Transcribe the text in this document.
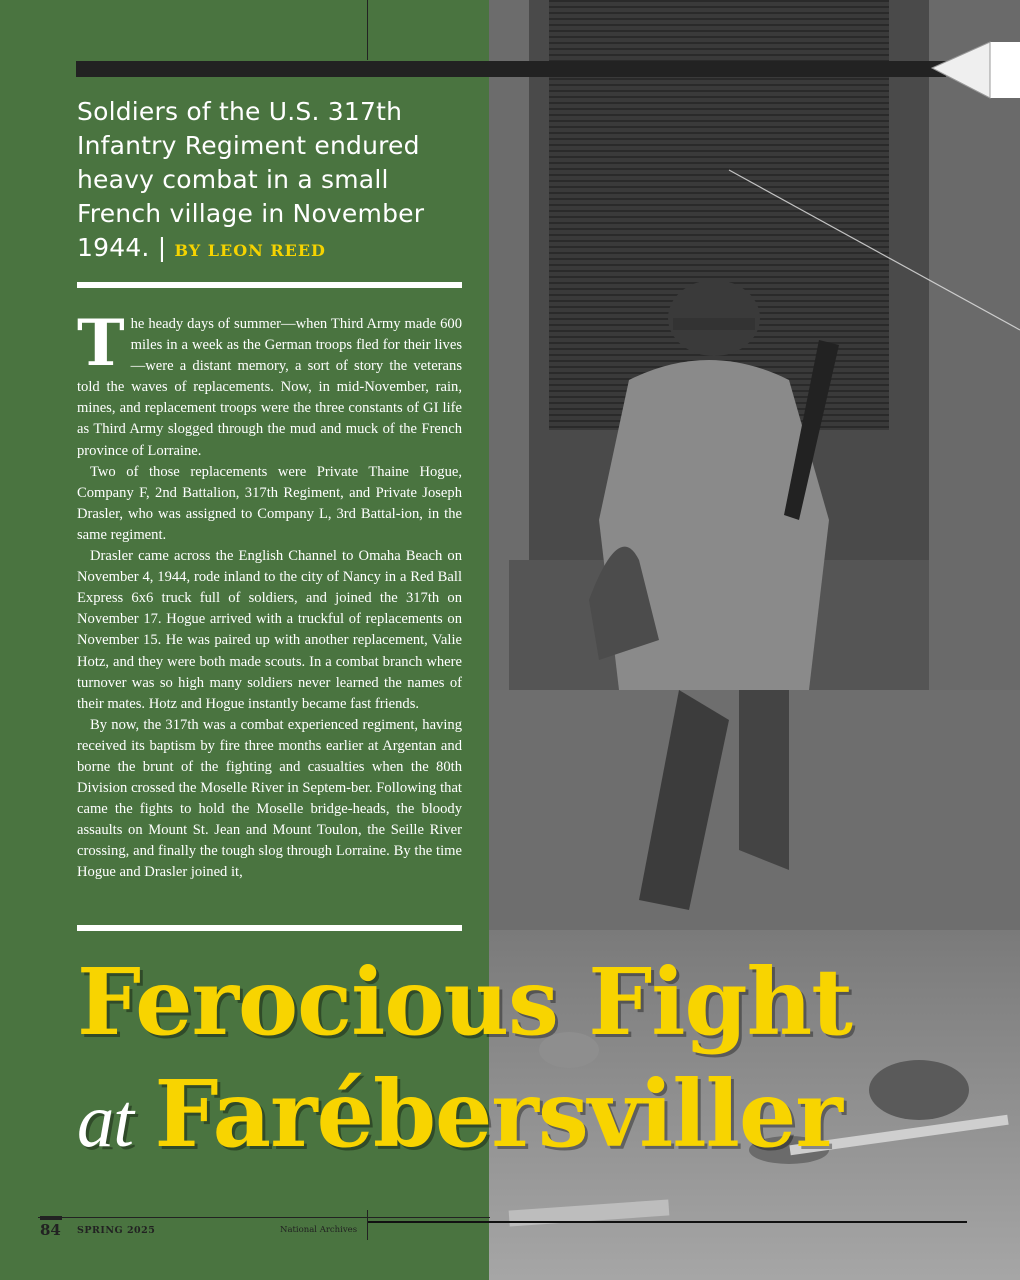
Soldiers of the U.S. 317th Infantry Regiment endured heavy combat in a small French village in November 1944. | BY LEON REED

The heady days of summer—when Third Army made 600 miles in a week as the German troops fled for their lives—were a distant memory, a sort of story the veterans told the waves of replacements. Now, in mid-November, rain, mines, and replacement troops were the three constants of GI life as Third Army slogged through the mud and muck of the French province of Lorraine.

Two of those replacements were Private Thaine Hogue, Company F, 2nd Battalion, 317th Regiment, and Private Joseph Drasler, who was assigned to Company L, 3rd Battal-ion, in the same regiment.

Drasler came across the English Channel to Omaha Beach on November 4, 1944, rode inland to the city of Nancy in a Red Ball Express 6x6 truck full of soldiers, and joined the 317th on November 17. Hogue arrived with a truckful of replacements on November 15. He was paired up with another replacement, Valie Hotz, and they were both made scouts. In a combat branch where turnover was so high many soldiers never learned the names of their mates. Hotz and Hogue instantly became fast friends.

By now, the 317th was a combat experienced regiment, having received its baptism by fire three months earlier at Argentan and borne the brunt of the fighting and casualties when the 80th Division crossed the Moselle River in Septem-ber. Following that came the fights to hold the Moselle bridge-heads, the bloody assaults on Mount St. Jean and Mount Toulon, the Seille River crossing, and finally the tough slog through Lorraine. By the time Hogue and Drasler joined it,

Ferocious Fight
at Farébersviller
84 SPRING 2025	National Archives
